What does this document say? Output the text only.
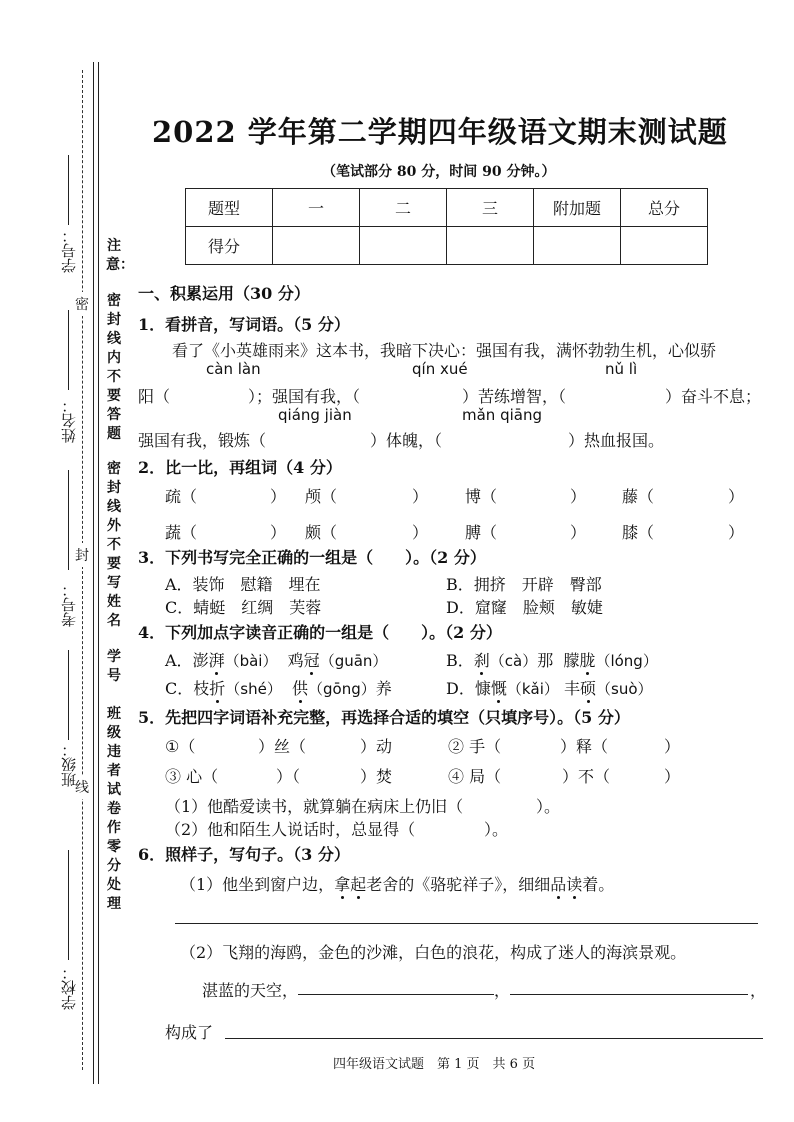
密
封
线
学号：
姓名：
考号：
班级：
学校：
注意：
密封线内不要答题
密封线外不要写姓名
学号
班级违者试卷作零分处理
2022 学年第二学期四年级语文期末测试题
（笔试部分 80 分，时间 90 分钟。）
题型	一	二	三	附加题	总分
得分					
一、积累运用（30 分）
1．看拼音，写词语。（5 分）
看了《小英雄雨来》这本书，我暗下决心：强国有我，满怀勃勃生机，心似骄
càn làn	qín xué	nǔ lì
阳（	）；强国有我，（	）苦练增智，（	）奋斗不息；
qiáng jiàn	mǎn qiāng
强国有我，锻炼（	）体魄，（	）热血报国。
2．比一比，再组词（4 分）
疏（	） 颅（	） 博（	） 藤（	）
蔬（	） 颇（	） 膊（	） 膝（	）
3．下列书写完全正确的一组是（　　）。（2 分）
A．装饰　慰籍　埋在	B．拥挤　开辟　臀部
C．蜻蜓　红绸　芙蓉	D．窟窿　脸颊　敏婕
4．下列加点字读音正确的一组是（　　）。（2 分）
A．澎湃（bài） 鸡冠（guān）	B．刹（cà）那 朦胧（lóng）
C．枝折（shé） 供（gōng）养	D．慷慨（kǎi） 丰硕（suò）
5．先把四字词语补充完整，再选择合适的填空（只填序号）。（5 分）
①（	）丝（	）动	② 手（	）释（	）
③ 心（	）（	）焚	④ 局（	）不（	）
（1）他酷爱读书，就算躺在病床上仍旧（	）。
（2）他和陌生人说话时，总显得（	）。
6．照样子，写句子。（3 分）
（1）他坐到窗户边，拿起老舍的《骆驼祥子》，细细品读着。
（2）飞翔的海鸥，金色的沙滩，白色的浪花，构成了迷人的海滨景观。
湛蓝的天空，	，	，
构成了
四年级语文试题　第 1 页　共 6 页
